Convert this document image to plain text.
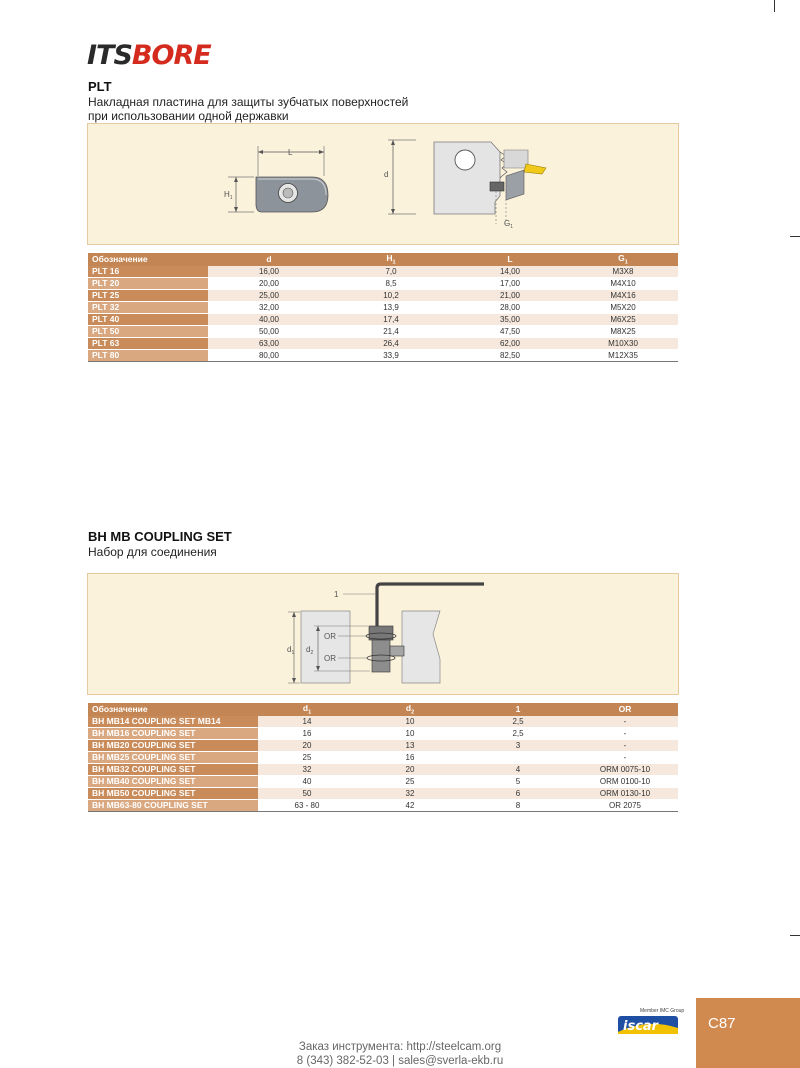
ITSBORE
PLT
Накладная пластина для защиты зубчатых поверхностей
при использовании одной державки
L
$H_1$
d
$G_1$
Обозначение	d	$H_1$	L	$G_1$
PLT 16	16,00	7,0	14,00	M3X8
PLT 20	20,00	8,5	17,00	M4X10
PLT 25	25,00	10,2	21,00	M4X16
PLT 32	32,00	13,9	28,00	M5X20
PLT 40	40,00	17,4	35,00	M6X25
PLT 50	50,00	21,4	47,50	M8X25
PLT 63	63,00	26,4	62,00	M10X30
PLT 80	80,00	33,9	82,50	M12X35
BH MB COUPLING SET
Набор для соединения
1
OR
OR
$d_1$ $d_2$
Обозначение	$d_1$	$d_2$	1	OR
BH MB14 COUPLING SET MB14	14	10	2,5	-
BH MB16 COUPLING SET	16	10	2,5	-
BH MB20 COUPLING SET	20	13	3	-
BH MB25 COUPLING SET	25	16		-
BH MB32 COUPLING SET	32	20	4	ORM 0075-10
BH MB40 COUPLING SET	40	25	5	ORM 0100-10
BH MB50 COUPLING SET	50	32	6	ORM 0130-10
BH MB63-80 COUPLING SET	63 - 80	42	8	OR 2075
iscar
Member IMC Group
C87
Заказ инструмента: http://steelcam.org
8 (343) 382-52-03 | sales@sverla-ekb.ru
